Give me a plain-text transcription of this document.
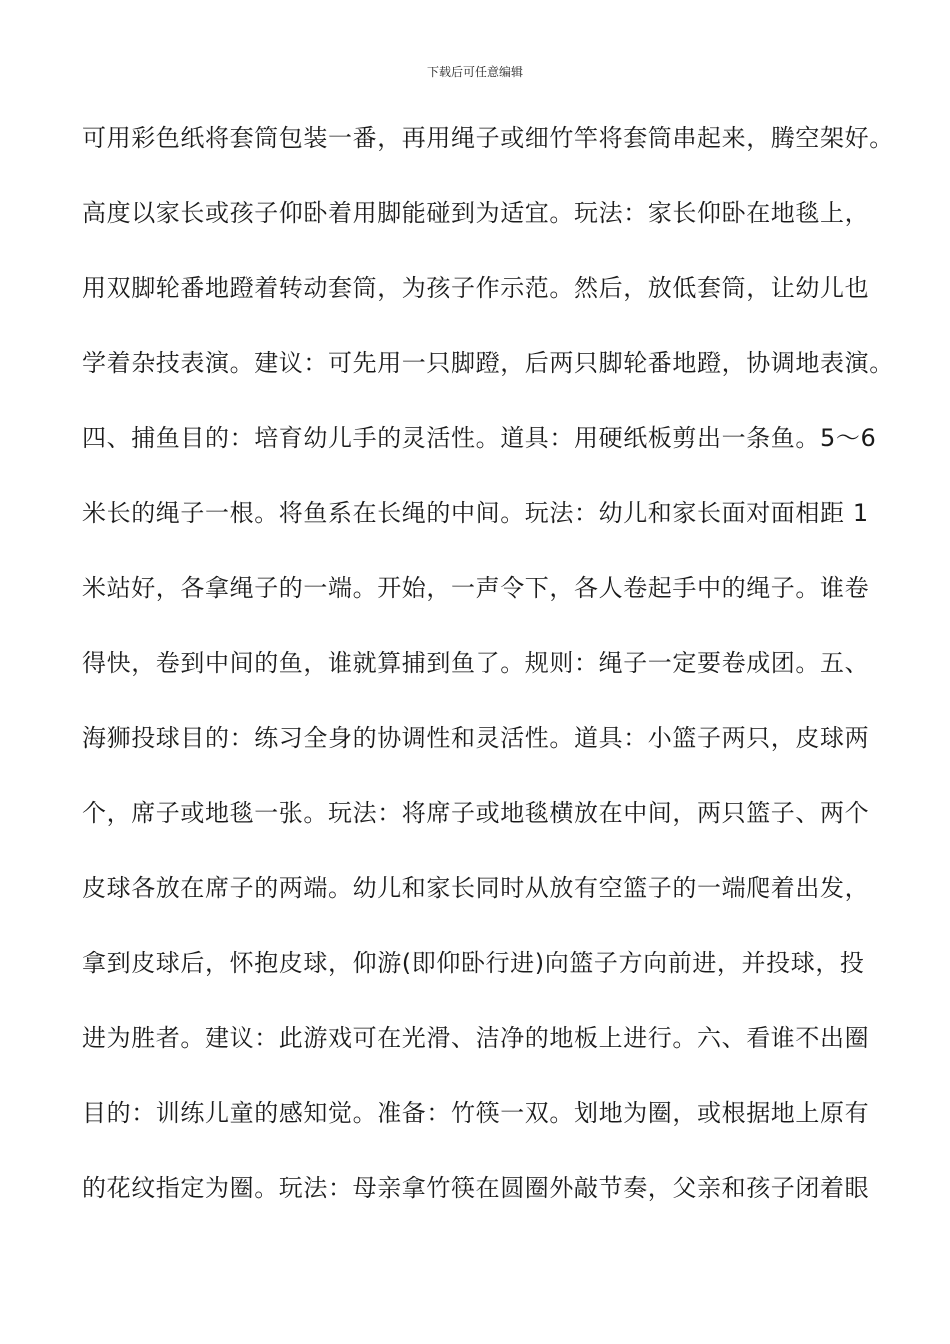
下载后可任意编辑
可用彩色纸将套筒包装一番，再用绳子或细竹竿将套筒串起来，腾空架好。
高度以家长或孩子仰卧着用脚能碰到为适宜。玩法：家长仰卧在地毯上，
用双脚轮番地蹬着转动套筒，为孩子作示范。然后，放低套筒，让幼儿也
学着杂技表演。建议：可先用一只脚蹬，后两只脚轮番地蹬，协调地表演。
四、捕鱼目的：培育幼儿手的灵活性。道具：用硬纸板剪出一条鱼。5～6
米长的绳子一根。将鱼系在长绳的中间。玩法：幼儿和家长面对面相距 1
米站好，各拿绳子的一端。开始，一声令下，各人卷起手中的绳子。谁卷
得快，卷到中间的鱼，谁就算捕到鱼了。规则：绳子一定要卷成团。五、
海狮投球目的：练习全身的协调性和灵活性。道具：小篮子两只，皮球两
个，席子或地毯一张。玩法：将席子或地毯横放在中间，两只篮子、两个
皮球各放在席子的两端。幼儿和家长同时从放有空篮子的一端爬着出发，
拿到皮球后，怀抱皮球，仰游(即仰卧行进)向篮子方向前进，并投球，投
进为胜者。建议：此游戏可在光滑、洁净的地板上进行。六、看谁不出圈
目的：训练儿童的感知觉。准备：竹筷一双。划地为圈，或根据地上原有
的花纹指定为圈。玩法：母亲拿竹筷在圆圈外敲节奏，父亲和孩子闭着眼
